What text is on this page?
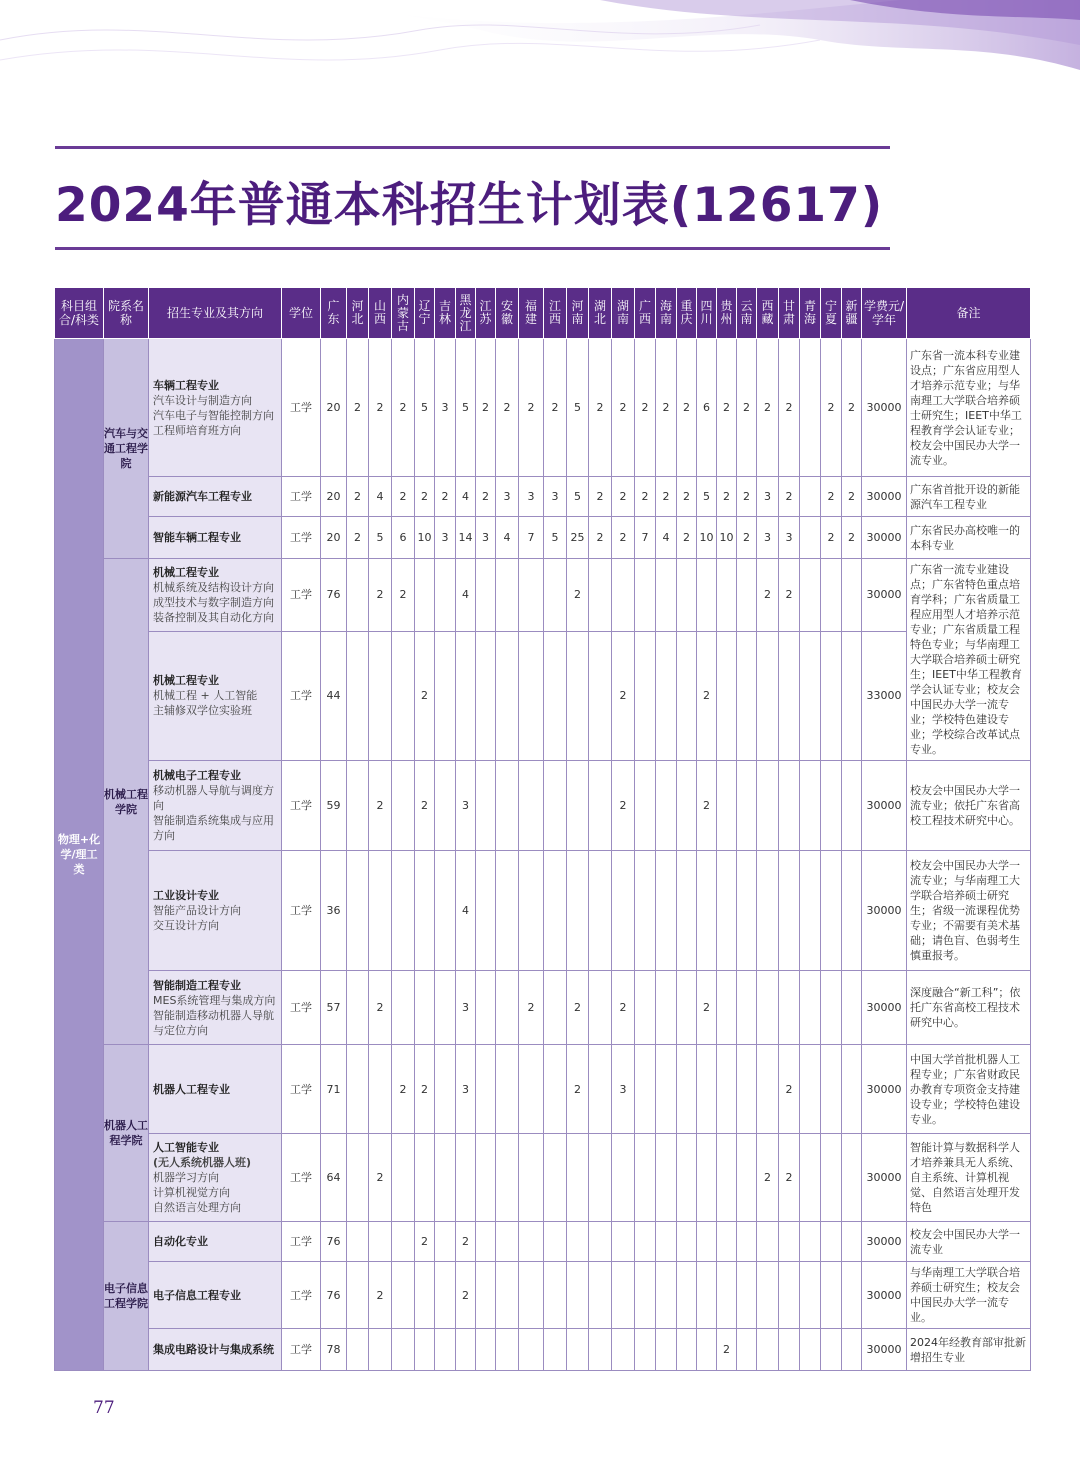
2024年普通本科招生计划表(12617)
科目组合/科类	院系名称	招生专业及其方向	学位	广东	河北	山西	内蒙古	辽宁	吉林	黑龙江	江苏	安徽	福建	江西	河南	湖北	湖南	广西	海南	重庆	四川	贵州	云南	西藏	甘肃	青海	宁夏	新疆	学费元/学年	备注
物理+化学/理工类	汽车与交通工程学院	车辆工程专业
汽车设计与制造方向
汽车电子与智能控制方向
工程师培育班方向	工学	20	2	2	2	5	3	5	2	2	2	2	5	2	2	2	2	2	6	2	2	2	2		2	2	30000	广东省一流本科专业建设点；广东省应用型人才培养示范专业；与华南理工大学联合培养硕士研究生；IEET中华工程教育学会认证专业；校友会中国民办大学一流专业。
		新能源汽车工程专业	工学	20	2	4	2	2	2	4	2	3	3	3	5	2	2	2	2	2	5	2	2	3	2		2	2	30000	广东省首批开设的新能源汽车工程专业
		智能车辆工程专业	工学	20	2	5	6	10	3	14	3	4	7	5	25	2	2	7	4	2	10	10	2	3	3		2	2	30000	广东省民办高校唯一的本科专业
	机械工程学院	机械工程专业
机械系统及结构设计方向
成型技术与数字制造方向
装备控制及其自动化方向	工学	76		2	2			4					2									2	2				30000	广东省一流专业建设点；广东省特色重点培育学科；广东省质量工程应用型人才培养示范专业；广东省质量工程特色专业；与华南理工大学联合培养硕士研究生；IEET中华工程教育学会认证专业；校友会中国民办大学一流专业；学校特色建设专业；学校综合改革试点专业。
		机械工程专业
机械工程 + 人工智能
主辅修双学位实验班	工学	44				2									2				2								33000	
		机械电子工程专业
移动机器人导航与调度方向
智能制造系统集成与应用方向	工学	59		2		2		3							2				2								30000	校友会中国民办大学一流专业；依托广东省高校工程技术研究中心。
		工业设计专业
智能产品设计方向
交互设计方向	工学	36						4																			30000	校友会中国民办大学一流专业；与华南理工大学联合培养硕士研究生；省级一流课程优势专业；不需要有美术基础；请色盲、色弱考生慎重报考。
		智能制造工程专业
MES系统管理与集成方向
智能制造移动机器人导航与定位方向	工学	57		2				3			2		2		2				2								30000	深度融合“新工科”；依托广东省高校工程技术研究中心。
	机器人工程学院	机器人工程专业	工学	71			2	2		3					2		3								2				30000	中国大学首批机器人工程专业；广东省财政民办教育专项资金支持建设专业；学校特色建设专业。
		人工智能专业
(无人系统机器人班)
机器学习方向
计算机视觉方向
自然语言处理方向	工学	64		2																		2	2				30000	智能计算与数据科学人才培养兼具无人系统、自主系统、计算机视觉、自然语言处理开发特色
	电子信息工程学院	自动化专业	工学	76				2		2																			30000	校友会中国民办大学一流专业
		电子信息工程专业	工学	76		2				2																			30000	与华南理工大学联合培养硕士研究生；校友会中国民办大学一流专业。
		集成电路设计与集成系统	工学	78																		2							30000	2024年经教育部审批新增招生专业
77
